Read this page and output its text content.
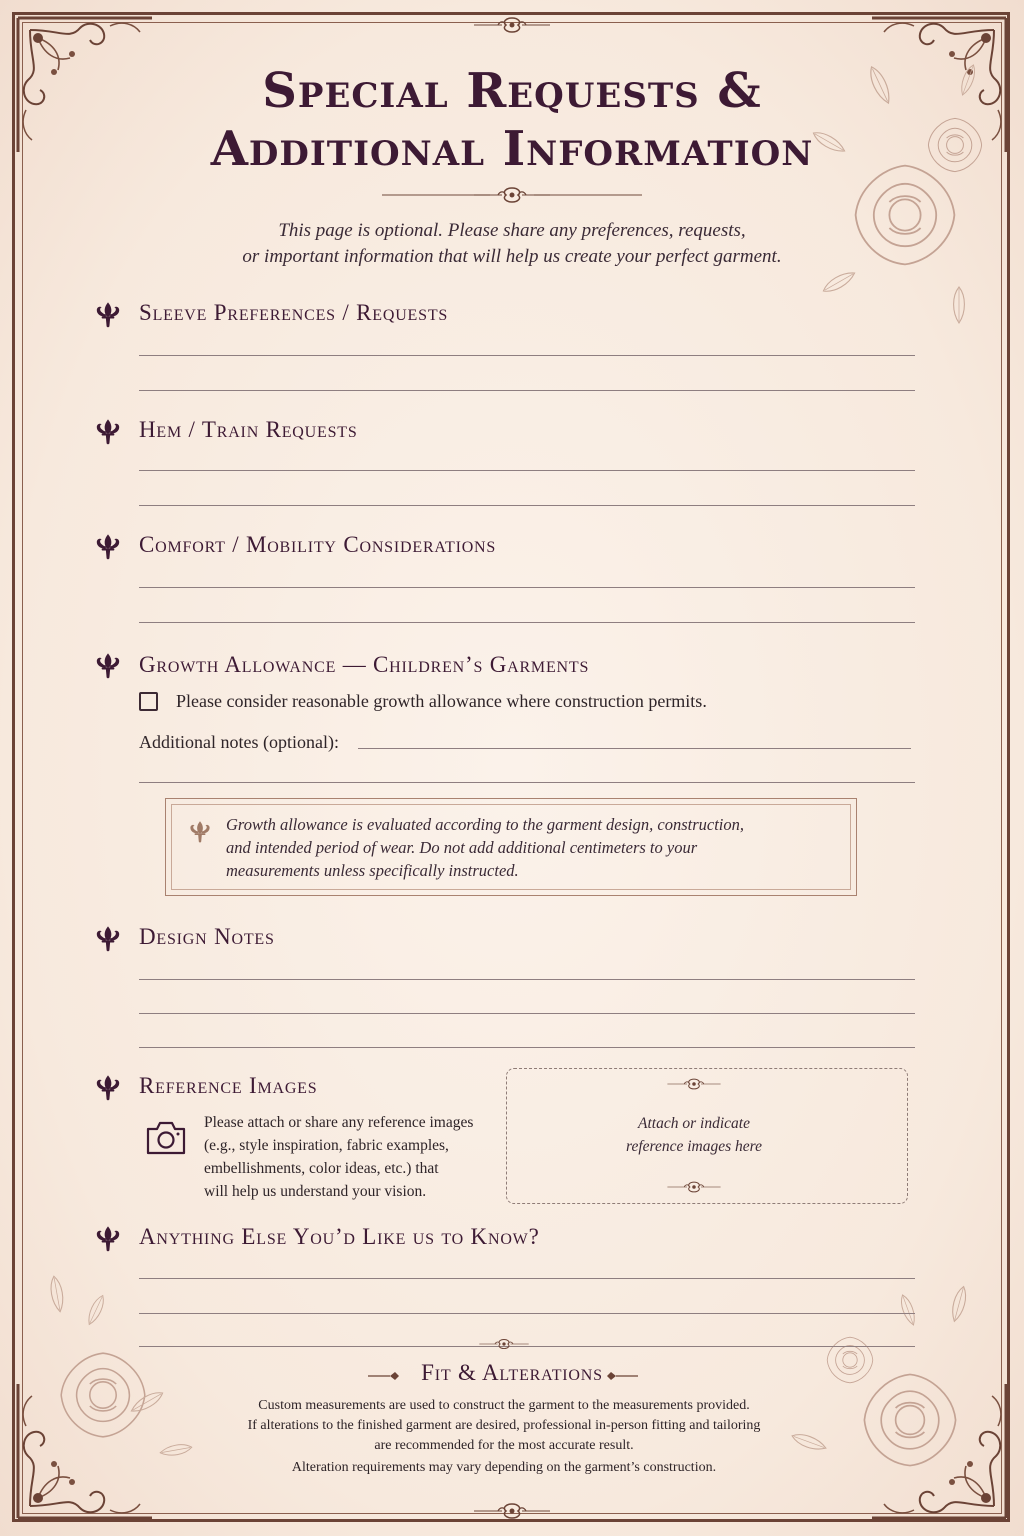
Special Requests &
Additional Information
This page is optional. Please share any preferences, requests,
or important information that will help us create your perfect garment.
Sleeve Preferences / Requests
Hem / Train Requests
Comfort / Mobility Considerations
Growth Allowance — Children’s Garments
Please consider reasonable growth allowance where construction permits.
Additional notes (optional):
Growth allowance is evaluated according to the garment design, construction,
and intended period of wear. Do not add additional centimeters to your
measurements unless specifically instructed.
Design Notes
Reference Images
Please attach or share any reference images
(e.g., style inspiration, fabric examples,
embellishments, color ideas, etc.) that
will help us understand your vision.
Attach or indicate
reference images here
Anything Else You’d Like us to Know?
Fit & Alterations
Custom measurements are used to construct the garment to the measurements provided.
If alterations to the finished garment are desired, professional in-person fitting and tailoring
are recommended for the most accurate result.
Alteration requirements may vary depending on the garment’s construction.
